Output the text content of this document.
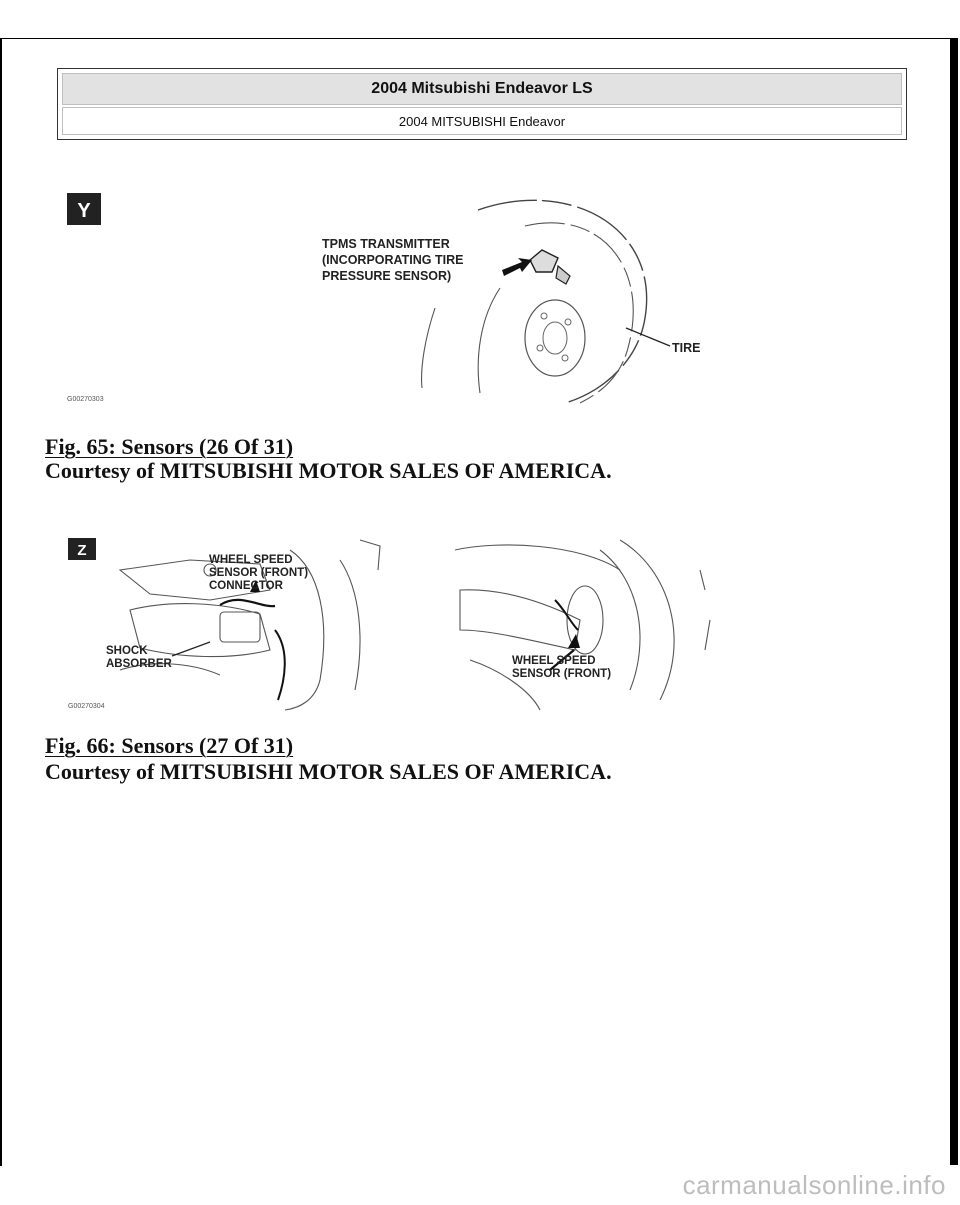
2004 Mitsubishi Endeavor LS
2004 MITSUBISHI Endeavor
Y
TPMS TRANSMITTER
(INCORPORATING TIRE
PRESSURE SENSOR)
TIRE
G00270303
Fig. 65: Sensors (26 Of 31)
Courtesy of MITSUBISHI MOTOR SALES OF AMERICA.
Z
WHEEL SPEED
SENSOR (FRONT)
CONNECTOR
SHOCK
ABSORBER	WHEEL SPEED
SENSOR (FRONT)
G00270304
Fig. 66: Sensors (27 Of 31)
Courtesy of MITSUBISHI MOTOR SALES OF AMERICA.
carmanualsonline.info
